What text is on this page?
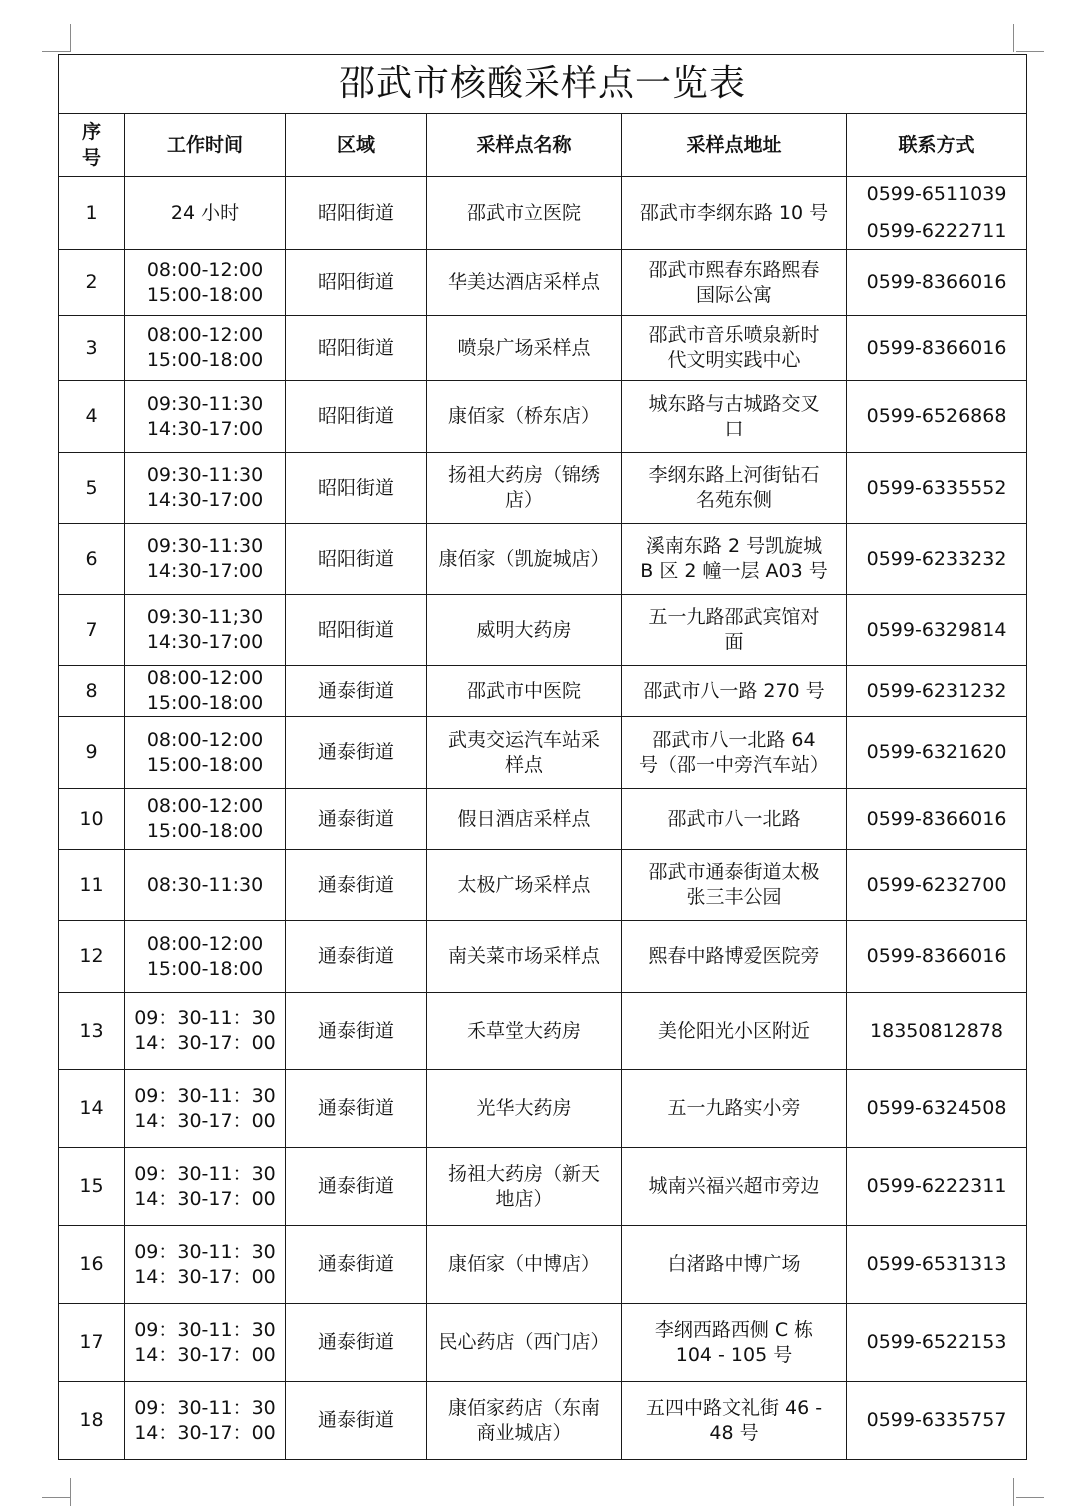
邵武市核酸采样点一览表					
序
号	工作时间	区域	采样点名称	采样点地址	联系方式
1	24 小时	昭阳街道	邵武市立医院	邵武市李纲东路 10 号	0599-6511039
0599-6222711

2	08:00-12:00
15:00-18:00	昭阳街道	华美达酒店采样点	邵武市熙春东路熙春
国际公寓	0599-8366016
3	08:00-12:00
15:00-18:00	昭阳街道	喷泉广场采样点	邵武市音乐喷泉新时
代文明实践中心	0599-8366016
4	09:30-11:30
14:30-17:00	昭阳街道	康佰家（桥东店）	城东路与古城路交叉
口	0599-6526868
5	09:30-11:30
14:30-17:00	昭阳街道	扬祖大药房（锦绣
店）	李纲东路上河街钻石
名苑东侧	0599-6335552
6	09:30-11:30
14:30-17:00	昭阳街道	康佰家（凯旋城店）	溪南东路 2 号凯旋城
B 区 2 幢一层 A03 号	0599-6233232
7	09:30-11;30
14:30-17:00	昭阳街道	威明大药房	五一九路邵武宾馆对
面	0599-6329814
8	08:00-12:00
15:00-18:00	通泰街道	邵武市中医院	邵武市八一路 270 号	0599-6231232
9	08:00-12:00
15:00-18:00	通泰街道	武夷交运汽车站采
样点	邵武市八一北路 64
号（邵一中旁汽车站）	0599-6321620
10	08:00-12:00
15:00-18:00	通泰街道	假日酒店采样点	邵武市八一北路	0599-8366016
11	08:30-11:30	通泰街道	太极广场采样点	邵武市通泰街道太极
张三丰公园	0599-6232700
12	08:00-12:00
15:00-18:00	通泰街道	南关菜市场采样点	熙春中路博爱医院旁	0599-8366016
13	09：30-11：30
14：30-17：00	通泰街道	禾草堂大药房	美伦阳光小区附近	18350812878
14	09：30-11：30
14：30-17：00	通泰街道	光华大药房	五一九路实小旁	0599-6324508
15	09：30-11：30
14：30-17：00	通泰街道	扬祖大药房（新天
地店）	城南兴福兴超市旁边	0599-6222311
16	09：30-11：30
14：30-17：00	通泰街道	康佰家（中博店）	白渚路中博广场	0599-6531313
17	09：30-11：30
14：30-17：00	通泰街道	民心药店（西门店）	李纲西路西侧 C 栋
104 - 105 号	0599-6522153
18	09：30-11：30
14：30-17：00	通泰街道	康佰家药店（东南
商业城店）	五四中路文礼街 46 -
48 号	0599-6335757
